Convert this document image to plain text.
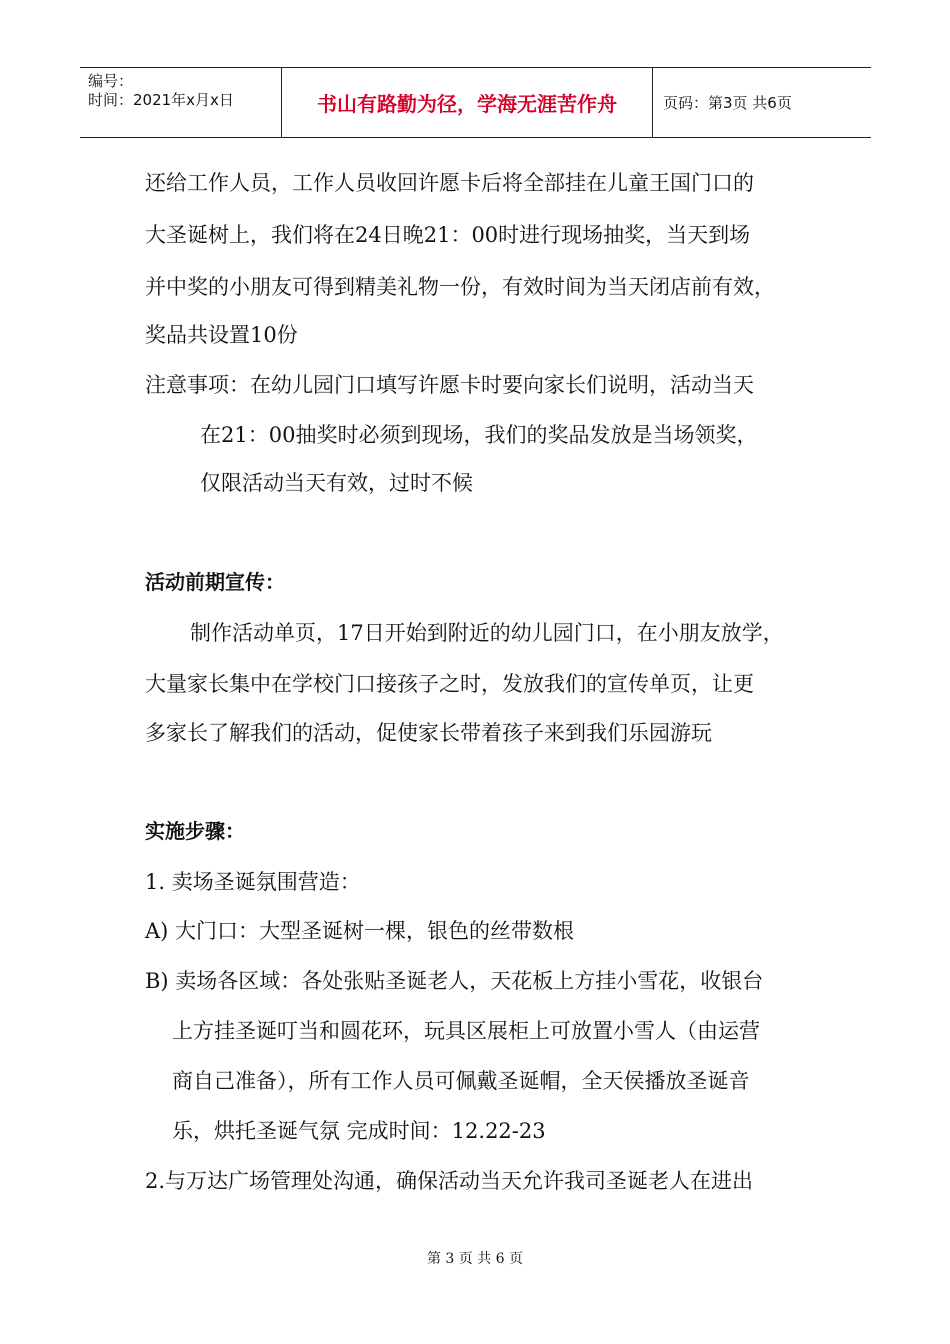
编号：
时间：2021年x月x日	书山有路勤为径，学海无涯苦作舟	页码：第3页 共6页
还给工作人员，工作人员收回许愿卡后将全部挂在儿童王国门口的
大圣诞树上，我们将在24日晚21：00时进行现场抽奖，当天到场
并中奖的小朋友可得到精美礼物一份，有效时间为当天闭店前有效，
奖品共设置10份
注意事项：在幼儿园门口填写许愿卡时要向家长们说明，活动当天
在21：00抽奖时必须到现场，我们的奖品发放是当场领奖，
仅限活动当天有效，过时不候
活动前期宣传：
制作活动单页，17日开始到附近的幼儿园门口，在小朋友放学，
大量家长集中在学校门口接孩子之时，发放我们的宣传单页，让更
多家长了解我们的活动，促使家长带着孩子来到我们乐园游玩
实施步骤：
1. 卖场圣诞氛围营造：
A) 大门口：大型圣诞树一棵，银色的丝带数根
B) 卖场各区域：各处张贴圣诞老人，天花板上方挂小雪花，收银台
上方挂圣诞叮当和圆花环，玩具区展柜上可放置小雪人（由运营
商自己准备），所有工作人员可佩戴圣诞帽，全天侯播放圣诞音
乐，烘托圣诞气氛 完成时间：12.22-23
2.与万达广场管理处沟通，确保活动当天允许我司圣诞老人在进出
第 3 页 共 6 页
